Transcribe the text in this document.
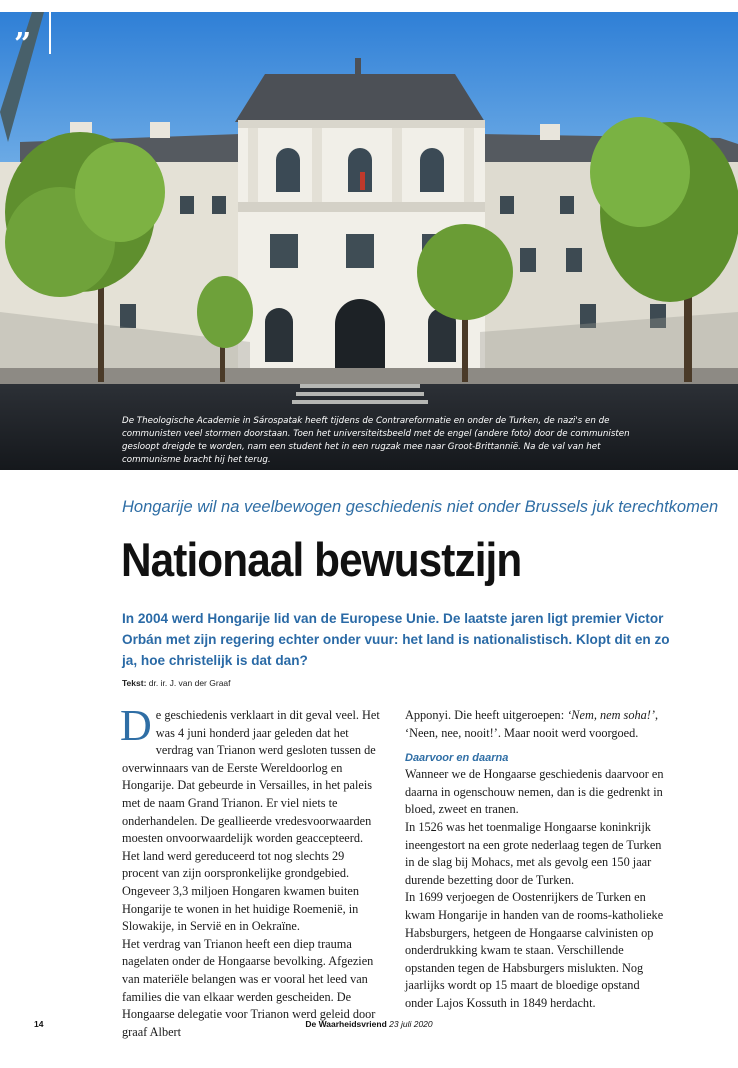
”
De Theologische Academie in Sárospatak heeft tijdens de Contrareformatie en onder de Turken, de nazi's en de communisten veel stormen doorstaan. Toen het universiteitsbeeld met de engel (andere foto) door de communisten gesloopt dreigde te worden, nam een student het in een rugzak mee naar Groot-Brittannië. Na de val van het communisme bracht hij het terug.
Hongarije wil na veelbewogen geschiedenis niet onder Brussels juk terechtkomen
Nationaal bewustzijn
In 2004 werd Hongarije lid van de Europese Unie. De laatste jaren ligt premier Victor Orbán met zijn regering echter onder vuur: het land is nationalistisch. Klopt dit en zo ja, hoe christelijk is dat dan?
Tekst: dr. ir. J. van der Graaf

De geschiedenis verklaart in dit geval veel. Het was 4 juni honderd jaar geleden dat het verdrag van Trianon werd gesloten tussen de overwinnaars van de Eerste Wereldoorlog en Hongarije. Dat gebeurde in Versailles, in het paleis met de naam Grand Trianon. Er viel niets te onderhandelen. De geallieerde vredesvoorwaarden moesten onvoorwaardelijk worden geaccepteerd.

Het land werd gereduceerd tot nog slechts 29 procent van zijn oorspronkelijke grondgebied. Ongeveer 3,3 miljoen Hongaren kwamen buiten Hongarije te wonen in het huidige Roemenië, in Slowakije, in Servië en in Oekraïne.

Het verdrag van Trianon heeft een diep trauma nagelaten onder de Hongaarse bevolking. Afgezien van materiële belangen was er vooral het leed van families die van elkaar werden gescheiden. De Hongaarse delegatie voor Trianon werd geleid door graaf Albert

Apponyi. Die heeft uitgeroepen: ‘Nem, nem soha!’, ‘Neen, nee, nooit!’. Maar nooit werd voorgoed.

Daarvoor en daarna

Wanneer we de Hongaarse geschiedenis daarvoor en daarna in ogenschouw nemen, dan is die gedrenkt in bloed, zweet en tranen.

In 1526 was het toenmalige Hongaarse koninkrijk ineengestort na een grote nederlaag tegen de Turken in de slag bij Mohacs, met als gevolg een 150 jaar durende bezetting door de Turken.

In 1699 verjoegen de Oostenrijkers de Turken en kwam Hongarije in handen van de rooms-katholieke Habsburgers, hetgeen de Hongaarse calvinisten op onderdrukking kwam te staan. Verschillende opstanden tegen de Habsburgers mislukten. Nog jaarlijks wordt op 15 maart de bloedige opstand onder Lajos Kossuth in 1849 herdacht.

14	De Waarheidsvriend 23 juli 2020
